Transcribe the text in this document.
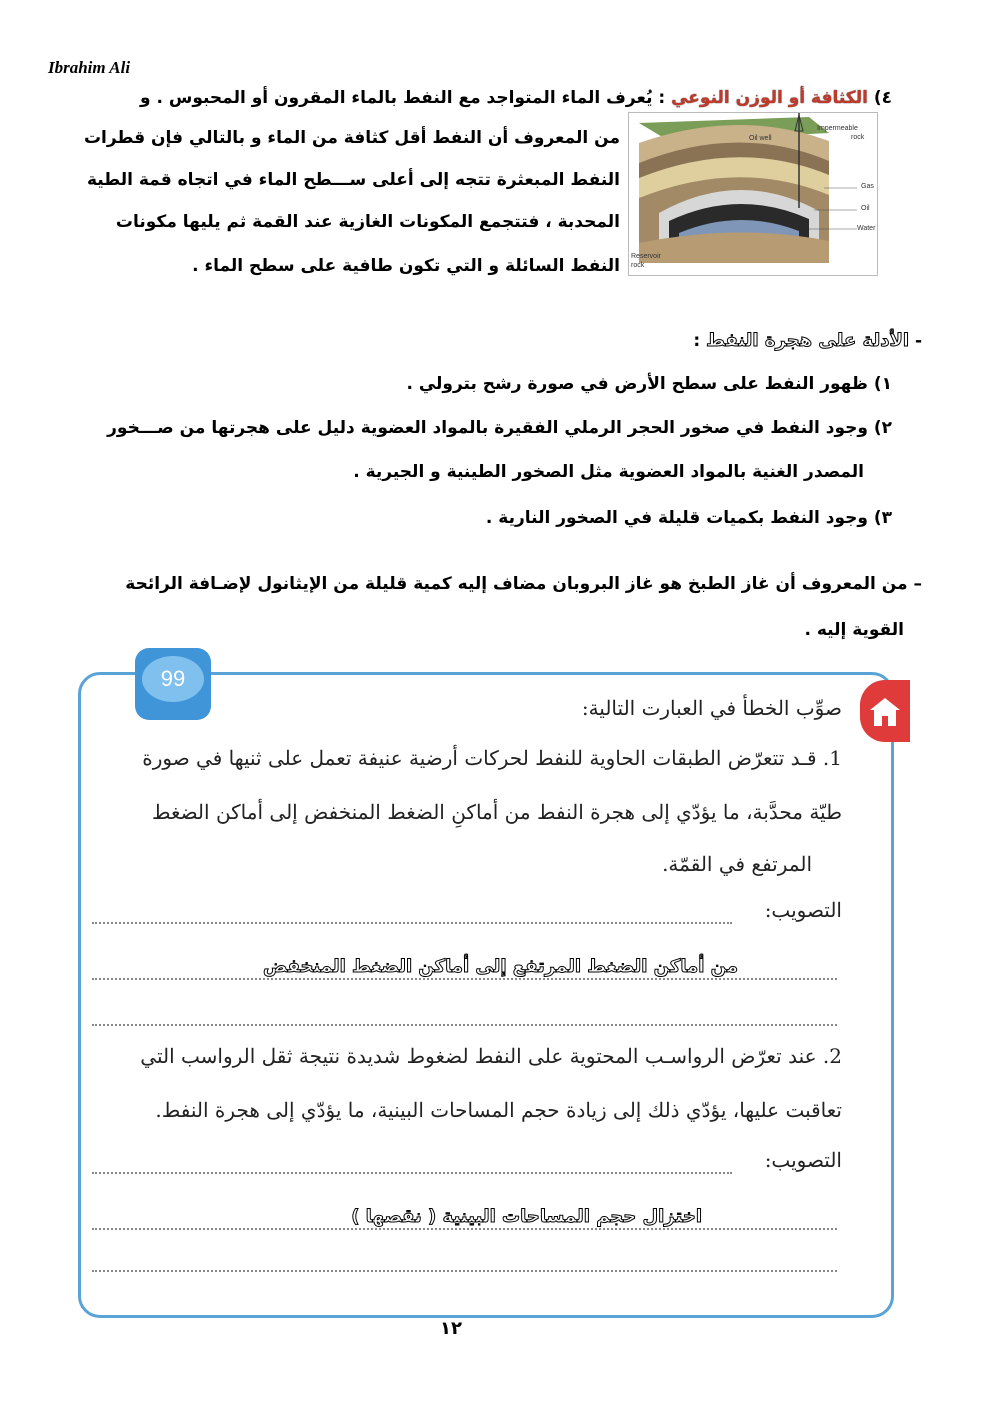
Ibrahim Ali
٤) الكثافة أو الوزن النوعي : يُعرف الماء المتواجد مع النفط بالماء المقرون أو المحبوس . و
من المعروف أن النفط أقل كثافة من الماء و بالتالي فإن قطرات
النفط المبعثرة تتجه إلى أعلى ســـطح الماء في اتجاه قمة الطية
المحدبة ، فتتجمع المكونات الغازية عند القمة ثم يليها مكونات
النفط السائلة و التي تكون طافية على سطح الماء .
Oil well
Impermeable
rock
Gas
Oil
Water
Reservoir
rock
- الأدلة على هجرة النفط :
١) ظهور النفط على سطح الأرض في صورة رشح بترولي .
٢) وجود النفط في صخور الحجر الرملي الفقيرة بالمواد العضوية دليل على هجرتها من صـــخور
المصدر الغنية بالمواد العضوية مثل الصخور الطينية و الجيرية .
٣) وجود النفط بكميات قليلة في الصخور النارية .
– من المعروف أن غاز الطبخ هو غاز البروبان مضاف إليه كمية قليلة من الإيثانول لإضـافة الرائحة
القوية إليه .
99
صوِّب الخطأ في العبارت التالية:
1. قـد تتعرّض الطبقات الحاوية للنفط لحركات أرضية عنيفة تعمل على ثنيها في صورة
طيّة محدَّبة، ما يؤدّي إلى هجرة النفط من أماكنِ الضغط المنخفض إلى أماكن الضغط
المرتفع في القمّة.
التصويب:
من أماكن الضغط المرتفع إلى أماكن الضغط المنخفض
2. عند تعرّض الرواسـب المحتوية على النفط لضغوط شديدة نتيجة ثقل الرواسب التي
تعاقبت عليها، يؤدّي ذلك إلى زيادة حجم المساحات البينية، ما يؤدّي إلى هجرة النفط.
التصويب:
اختزال حجم المساحات البينية ( نقصها )
١٢
